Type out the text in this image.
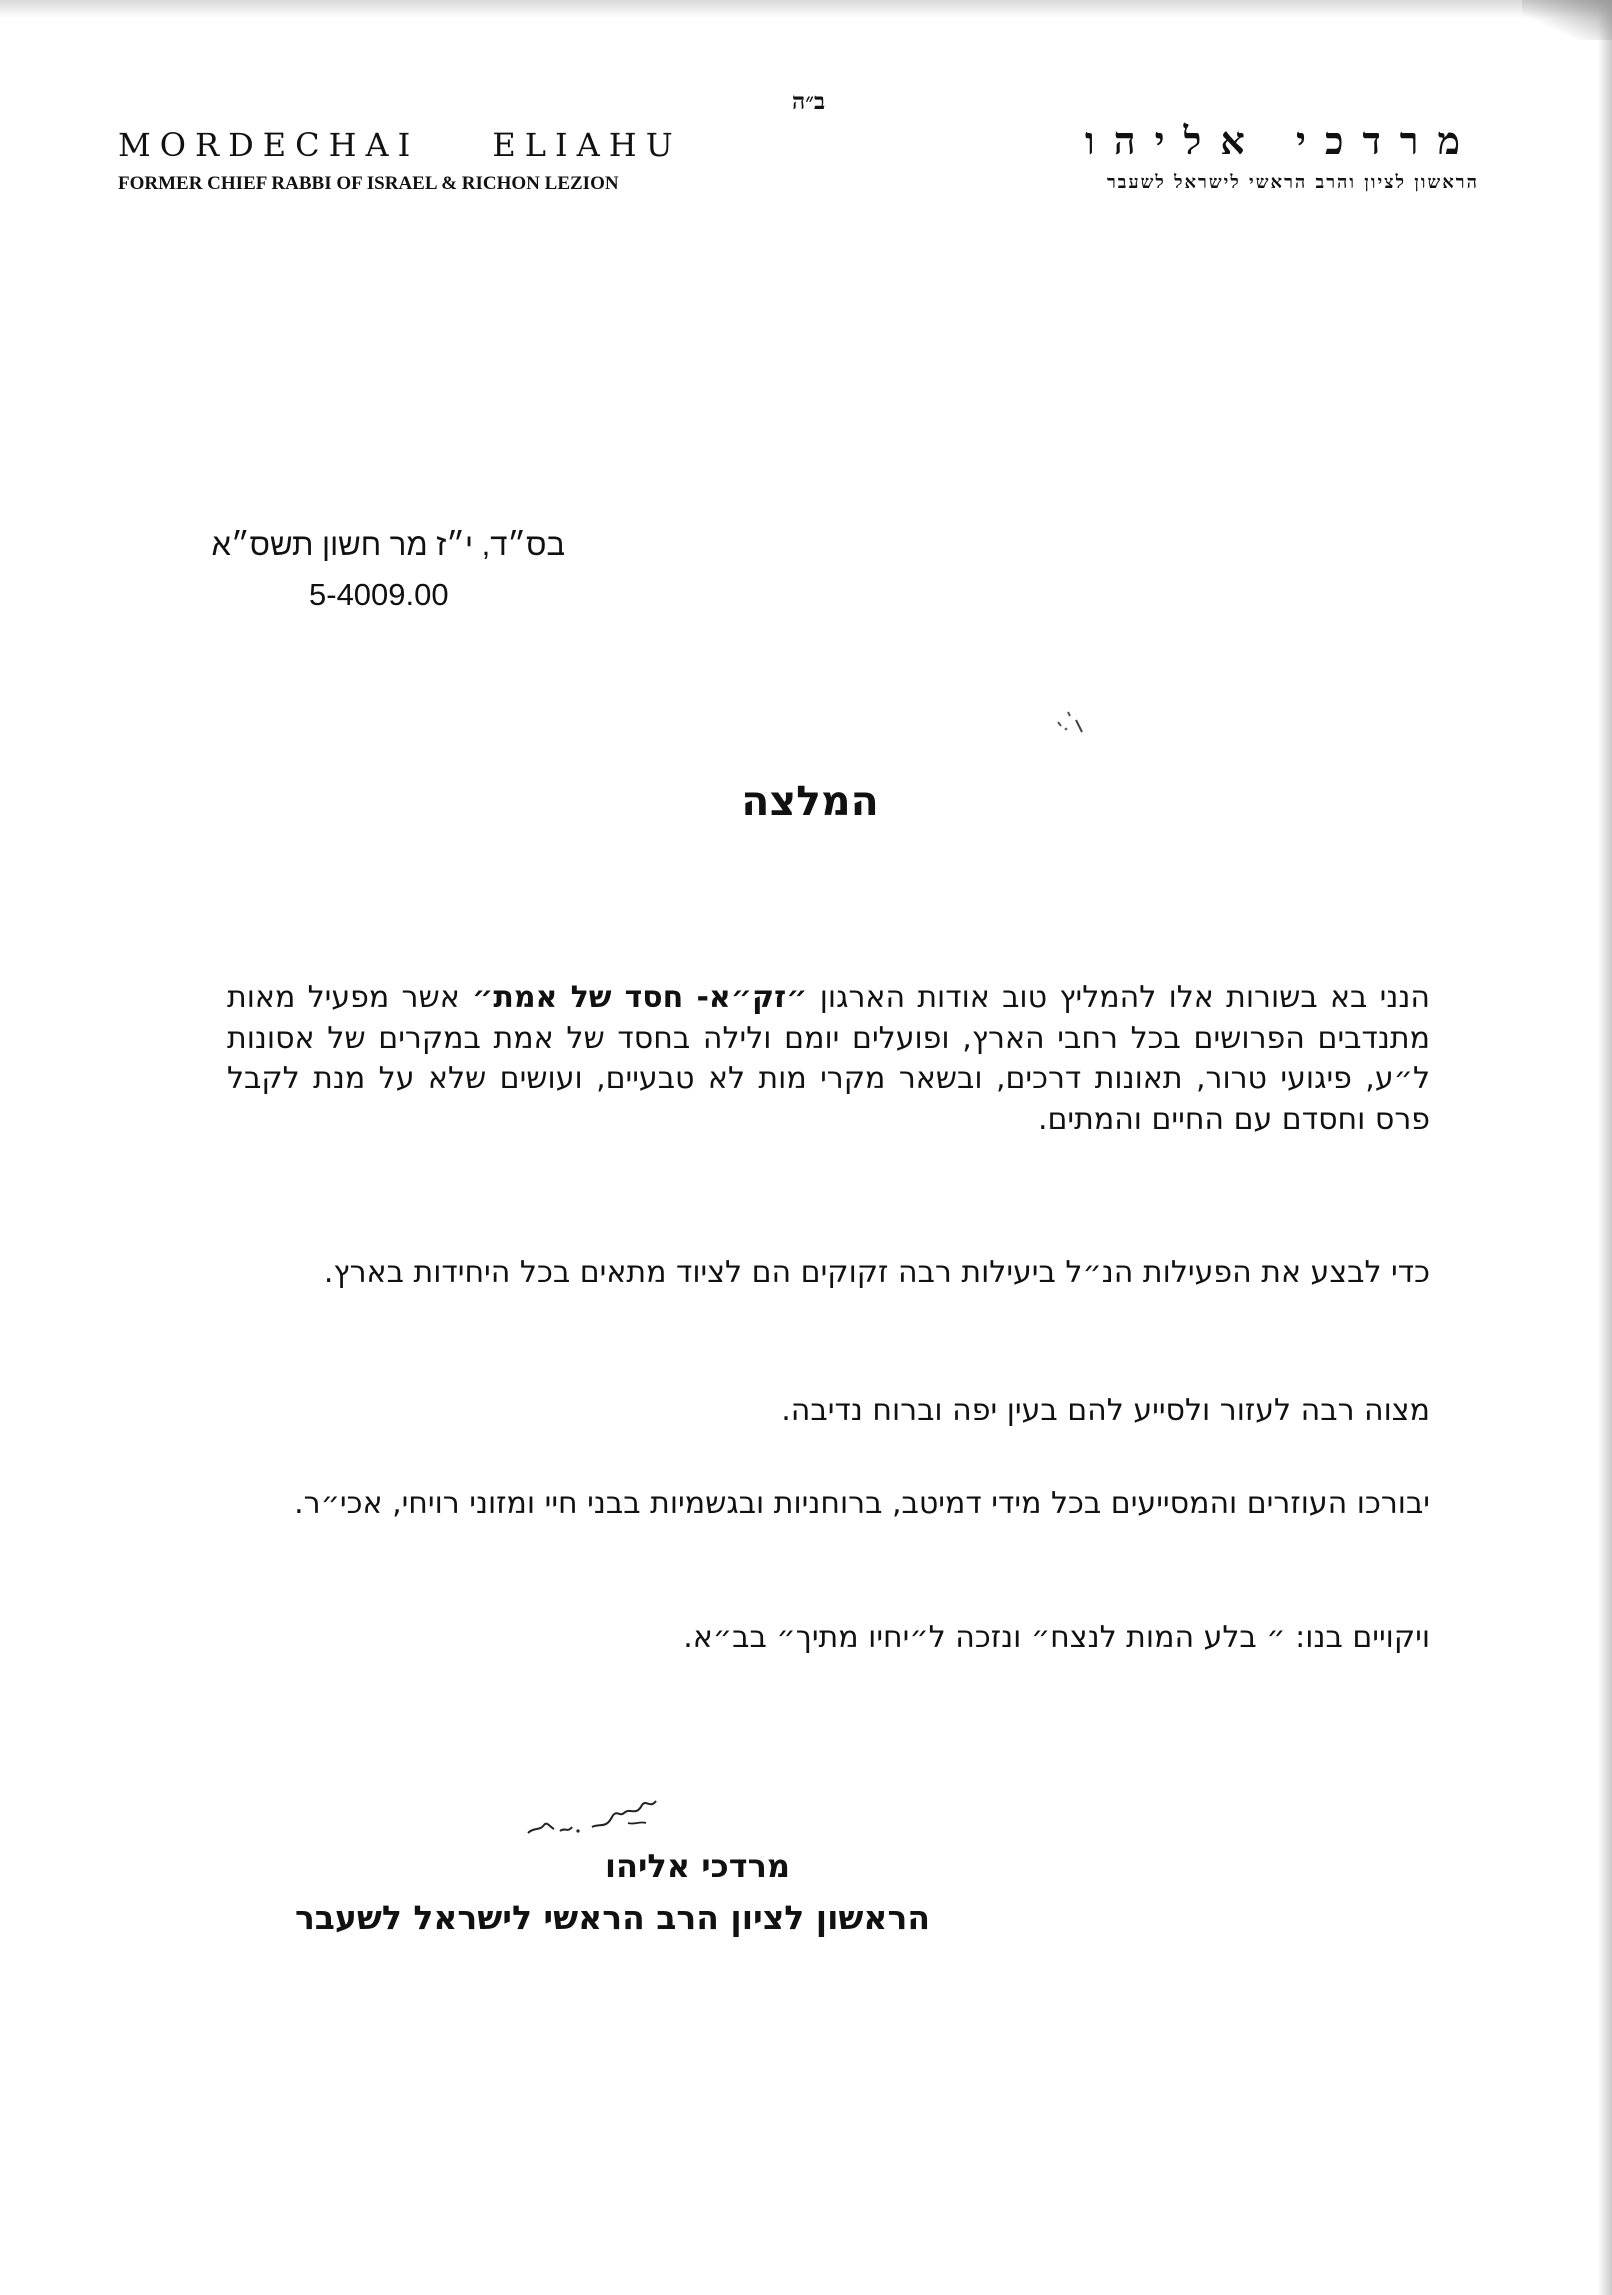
ב״ה
MORDECHAI ELIAHU
FORMER CHIEF RABBI OF ISRAEL & RICHON LEZION
מרדכי אליהו
הראשון לציון והרב הראשי לישראל לשעבר
בס״ד, י״ז מר חשון תשס״א
5-4009.00
המלצה

הנני בא בשורות אלו להמליץ טוב אודות הארגון ״זק״א- חסד של אמת״ אשר מפעיל מאות מתנדבים הפרושים בכל רחבי הארץ, ופועלים יומם ולילה בחסד של אמת במקרים של אסונות ל״ע, פיגועי טרור, תאונות דרכים, ובשאר מקרי מות לא טבעיים, ועושים שלא על מנת לקבל פרס וחסדם עם החיים והמתים.

כדי לבצע את הפעילות הנ״ל ביעילות רבה זקוקים הם לציוד מתאים בכל היחידות בארץ.

מצוה רבה לעזור ולסייע להם בעין יפה וברוח נדיבה.

יבורכו העוזרים והמסייעים בכל מידי דמיטב, ברוחניות ובגשמיות בבני חיי ומזוני רויחי, אכי״ר.

ויקויים בנו: ״ בלע המות לנצח״ ונזכה ל״יחיו מתיך״ בב״א.

מרדכי אליהו
הראשון לציון הרב הראשי לישראל לשעבר
